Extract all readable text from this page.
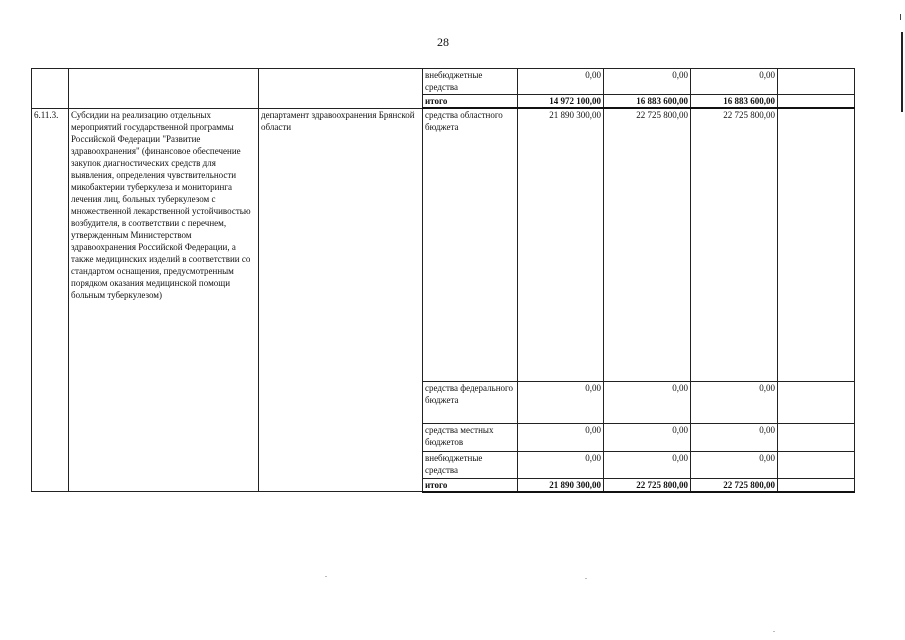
28
			внебюджетные средства	0,00	0,00	0,00	
			итого	14 972 100,00	16 883 600,00	16 883 600,00	
6.11.3.	Субсидии на реализацию отдельных мероприятий государственной программы Российской Федерации "Развитие здравоохранения" (финансовое обеспечение закупок диагностических средств для выявления, определения чувствительности микобактерии туберкулеза и мониторинга лечения лиц, больных туберкулезом с множественной лекарственной устойчивостью возбудителя, в соответствии с перечнем, утвержденным Министерством здравоохранения Российской Федерации, а также медицинских изделий в соответствии со стандартом оснащения, предусмотренным порядком оказания медицинской помощи больным туберкулезом)	департамент здравоохранения Брянской области	средства областного бюджета	21 890 300,00	22 725 800,00	22 725 800,00	
			средства федерального бюджета	0,00	0,00	0,00	
			средства местных бюджетов	0,00	0,00	0,00	
			внебюджетные средства	0,00	0,00	0,00	
			итого	21 890 300,00	22 725 800,00	22 725 800,00	
